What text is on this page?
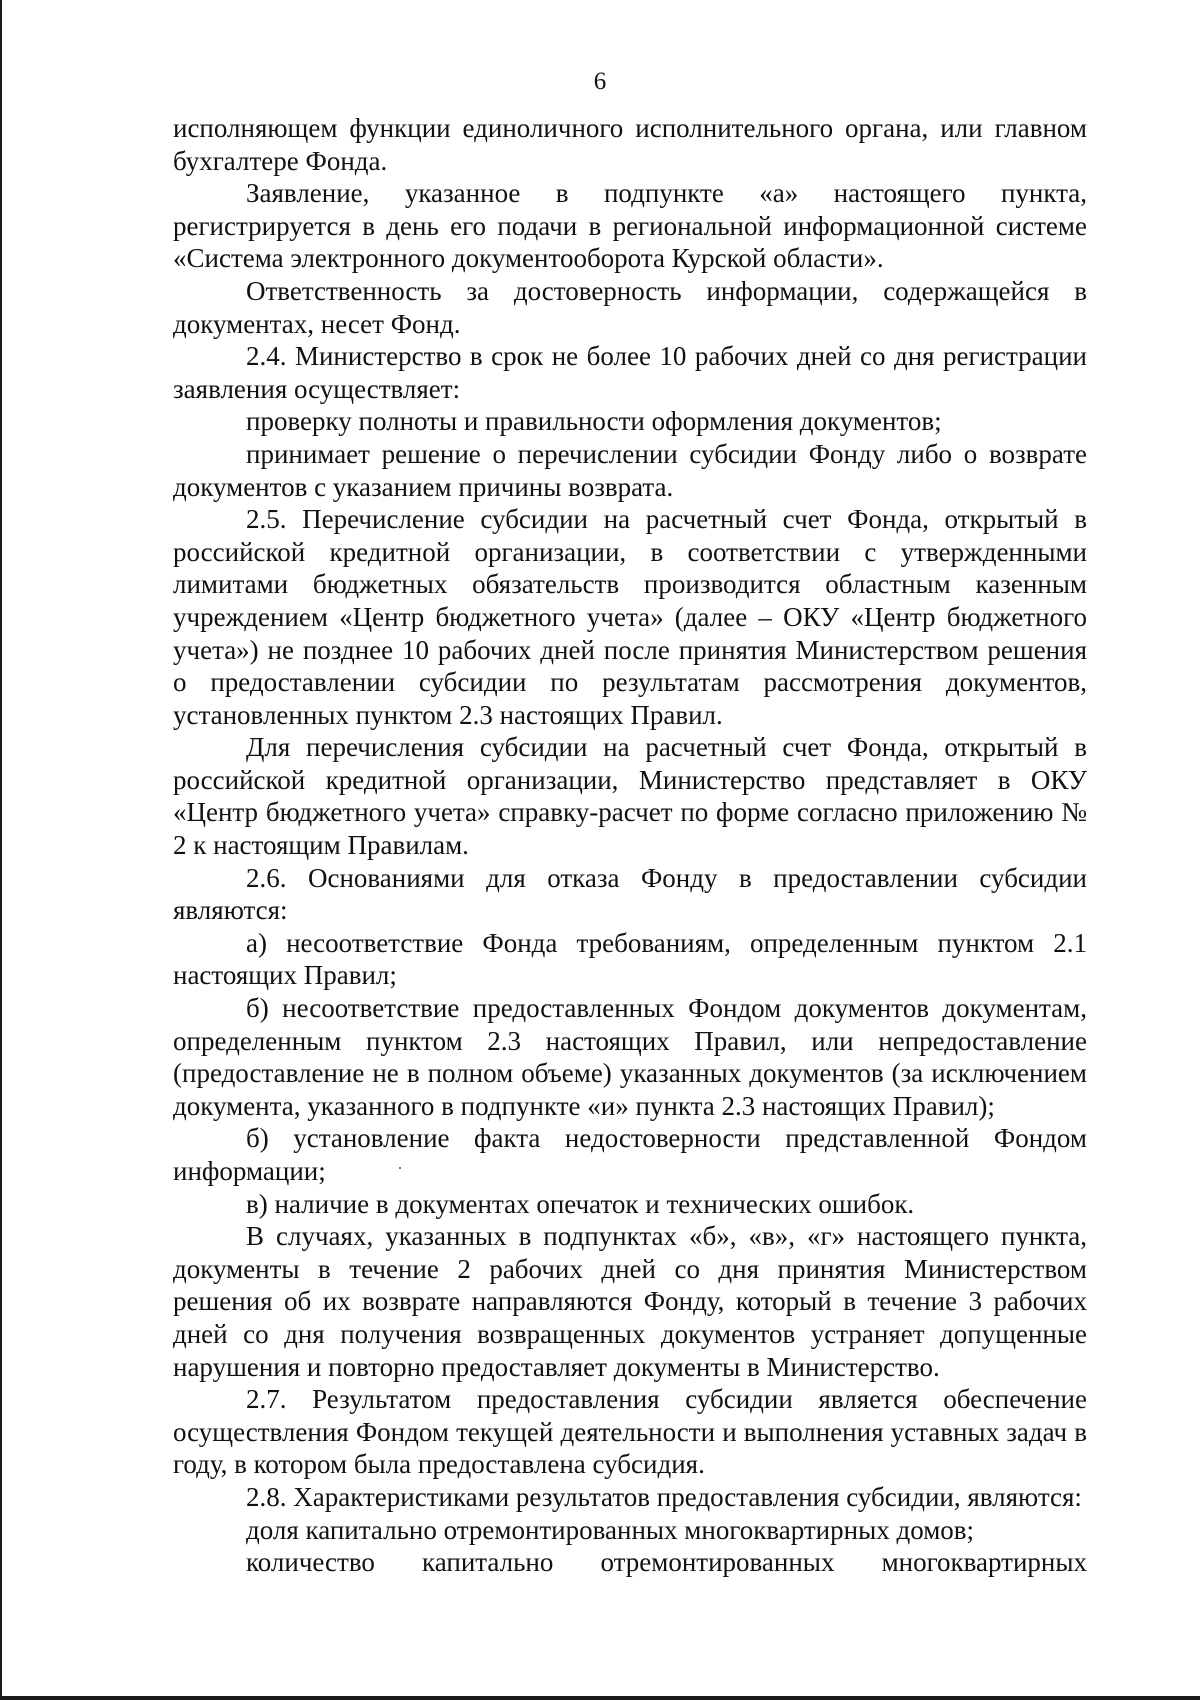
6

исполняющем функции единоличного исполнительного органа, или главном бухгалтере Фонда.

Заявление, указанное в подпункте «а» настоящего пункта, регистрируется в день его подачи в региональной информационной системе «Система электронного документооборота Курской области».

Ответственность за достоверность информации, содержащейся в документах, несет Фонд.

2.4. Министерство в срок не более 10 рабочих дней со дня регистрации заявления осуществляет:

проверку полноты и правильности оформления документов;

принимает решение о перечислении субсидии Фонду либо о возврате документов с указанием причины возврата.

2.5. Перечисление субсидии на расчетный счет Фонда, открытый в российской кредитной организации, в соответствии с утвержденными лимитами бюджетных обязательств производится областным казенным учреждением «Центр бюджетного учета» (далее – ОКУ «Центр бюджетного учета») не позднее 10 рабочих дней после принятия Министерством решения о предоставлении субсидии по результатам рассмотрения документов, установленных пунктом 2.3 настоящих Правил.

Для перечисления субсидии на расчетный счет Фонда, открытый в российской кредитной организации, Министерство представляет в ОКУ «Центр бюджетного учета» справку-расчет по форме согласно приложению № 2 к настоящим Правилам.

2.6. Основаниями для отказа Фонду в предоставлении субсидии являются:

а) несоответствие Фонда требованиям, определенным пунктом 2.1 настоящих Правил;

б) несоответствие предоставленных Фондом документов документам, определенным пунктом 2.3 настоящих Правил, или непредоставление (предоставление не в полном объеме) указанных документов (за исключением документа, указанного в подпункте «и» пункта 2.3 настоящих Правил);

б) установление факта недостоверности представленной Фондом информации;

в) наличие в документах опечаток и технических ошибок.

В случаях, указанных в подпунктах «б», «в», «г» настоящего пункта, документы в течение 2 рабочих дней со дня принятия Министерством решения об их возврате направляются Фонду, который в течение 3 рабочих дней со дня получения возвращенных документов устраняет допущенные нарушения и повторно предоставляет документы в Министерство.

2.7. Результатом предоставления субсидии является обеспечение осуществления Фондом текущей деятельности и выполнения уставных задач в году, в котором была предоставлена субсидия.

2.8. Характеристиками результатов предоставления субсидии, являются:

доля капитально отремонтированных многоквартирных домов;

количество капитально отремонтированных многоквартирных
